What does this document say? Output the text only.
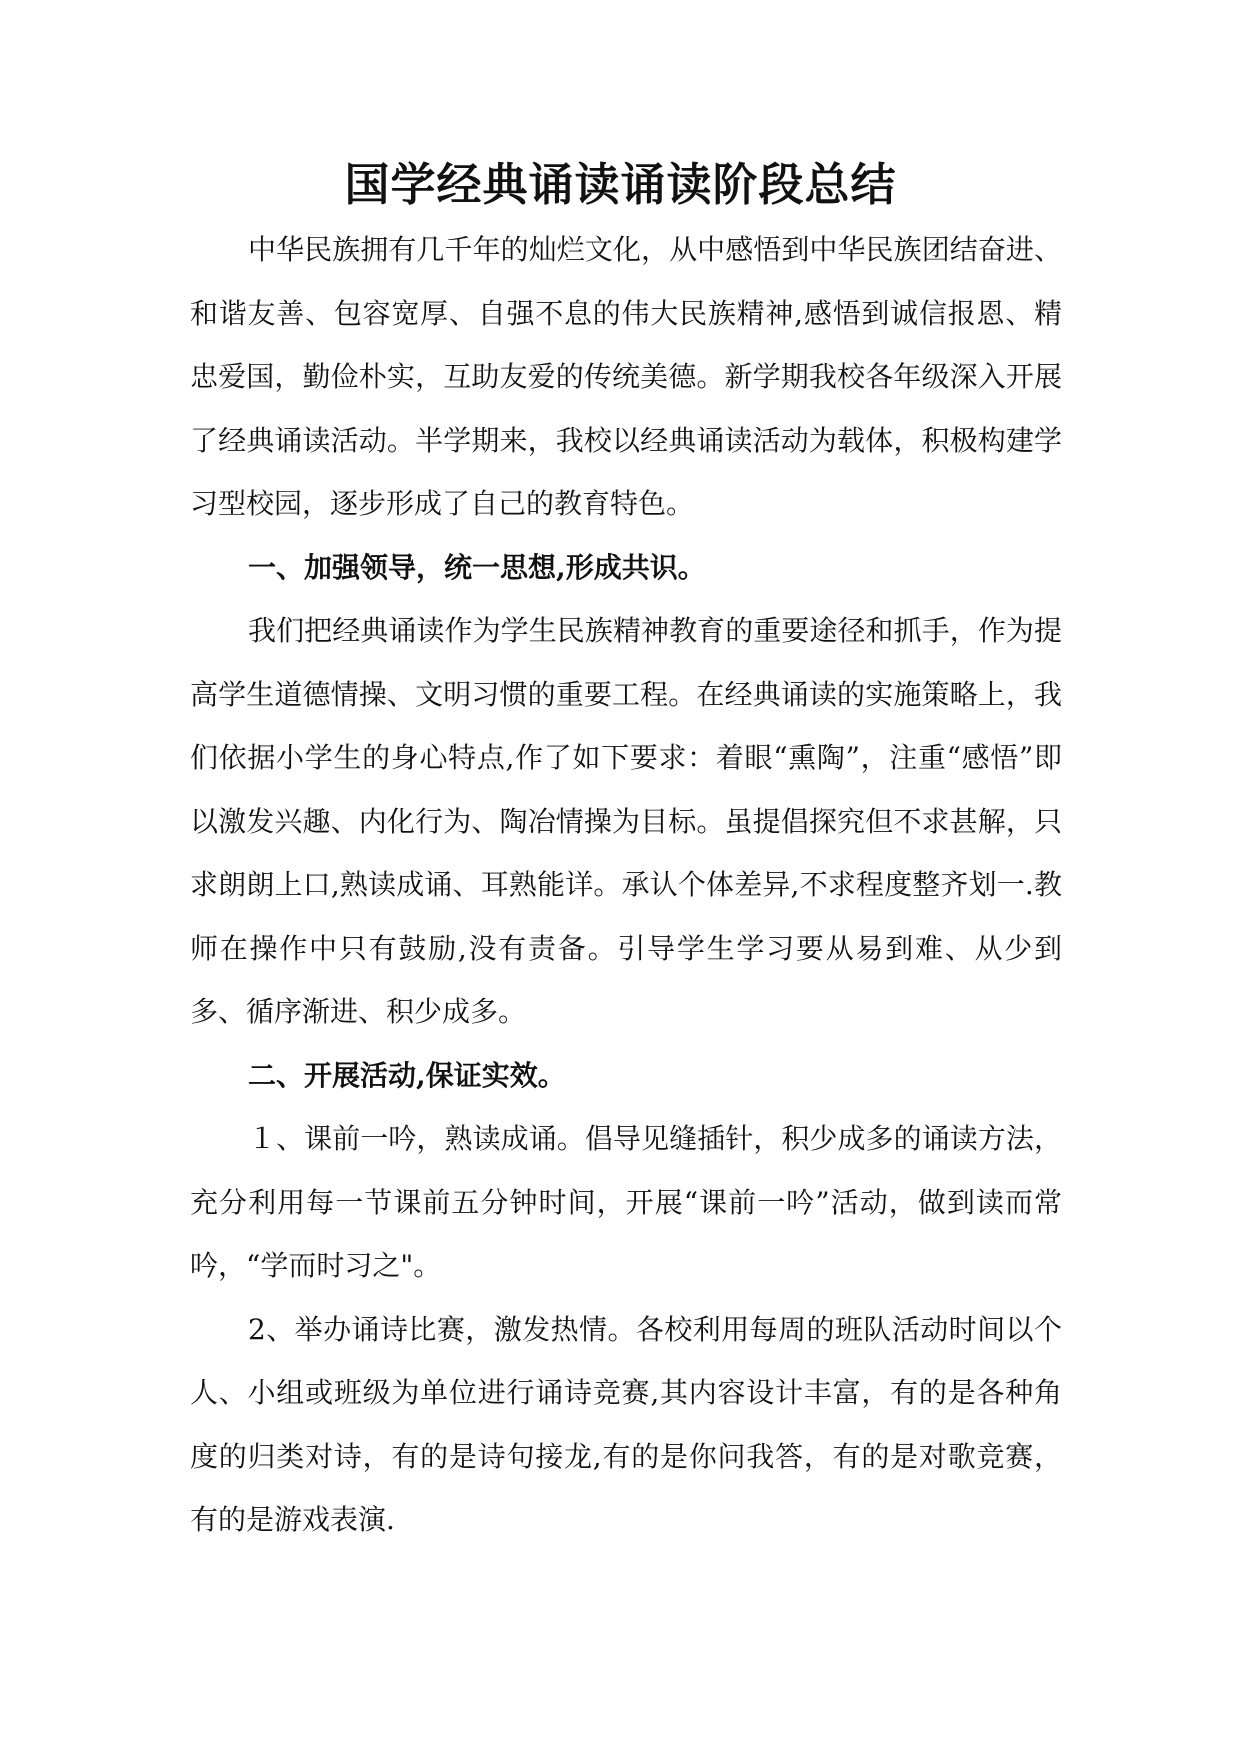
国学经典诵读诵读阶段总结

中华民族拥有几千年的灿烂文化，从中感悟到中华民族团结奋进、和谐友善、包容宽厚、自强不息的伟大民族精神,感悟到诚信报恩、精忠爱国，勤俭朴实，互助友爱的传统美德。新学期我校各年级深入开展了经典诵读活动。半学期来，我校以经典诵读活动为载体，积极构建学习型校园，逐步形成了自己的教育特色。

一、加强领导，统一思想,形成共识。

我们把经典诵读作为学生民族精神教育的重要途径和抓手，作为提高学生道德情操、文明习惯的重要工程。在经典诵读的实施策略上，我们依据小学生的身心特点,作了如下要求：着眼“熏陶”，注重“感悟”即以激发兴趣、内化行为、陶冶情操为目标。虽提倡探究但不求甚解，只求朗朗上口,熟读成诵、耳熟能详。承认个体差异,不求程度整齐划一.教师在操作中只有鼓励,没有责备。引导学生学习要从易到难、从少到多、循序渐进、积少成多。

二、开展活动,保证实效。

１、课前一吟，熟读成诵。倡导见缝插针，积少成多的诵读方法，充分利用每一节课前五分钟时间，开展“课前一吟”活动，做到读而常吟，“学而时习之"。

2、举办诵诗比赛，激发热情。各校利用每周的班队活动时间以个人、小组或班级为单位进行诵诗竞赛,其内容设计丰富，有的是各种角度的归类对诗，有的是诗句接龙,有的是你问我答，有的是对歌竞赛，有的是游戏表演.
